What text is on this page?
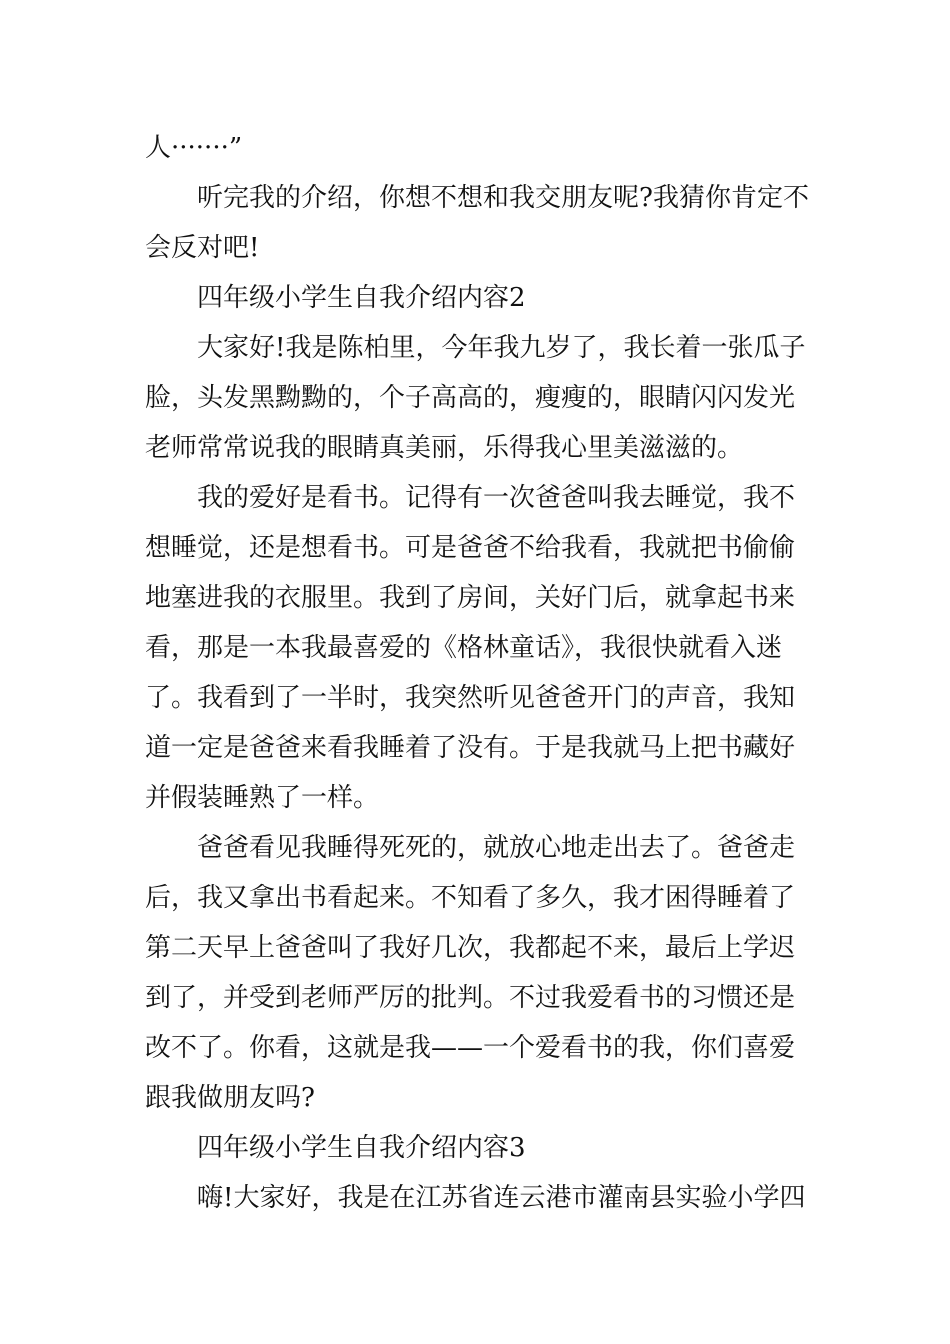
人·······”

听完我的介绍，你想不想和我交朋友呢?我猜你肯定不

会反对吧!

四年级小学生自我介绍内容2

大家好!我是陈柏里，今年我九岁了，我长着一张瓜子

脸，头发黑黝黝的，个子高高的，瘦瘦的，眼睛闪闪发光

老师常常说我的眼睛真美丽，乐得我心里美滋滋的。

我的爱好是看书。记得有一次爸爸叫我去睡觉，我不

想睡觉，还是想看书。可是爸爸不给我看，我就把书偷偷

地塞进我的衣服里。我到了房间，关好门后，就拿起书来

看，那是一本我最喜爱的《格林童话》，我很快就看入迷

了。我看到了一半时，我突然听见爸爸开门的声音，我知

道一定是爸爸来看我睡着了没有。于是我就马上把书藏好

并假装睡熟了一样。

爸爸看见我睡得死死的，就放心地走出去了。爸爸走

后，我又拿出书看起来。不知看了多久，我才困得睡着了

第二天早上爸爸叫了我好几次，我都起不来，最后上学迟

到了，并受到老师严厉的批判。不过我爱看书的习惯还是

改不了。你看，这就是我——一个爱看书的我，你们喜爱

跟我做朋友吗?

四年级小学生自我介绍内容3

嗨!大家好，我是在江苏省连云港市灌南县实验小学四
